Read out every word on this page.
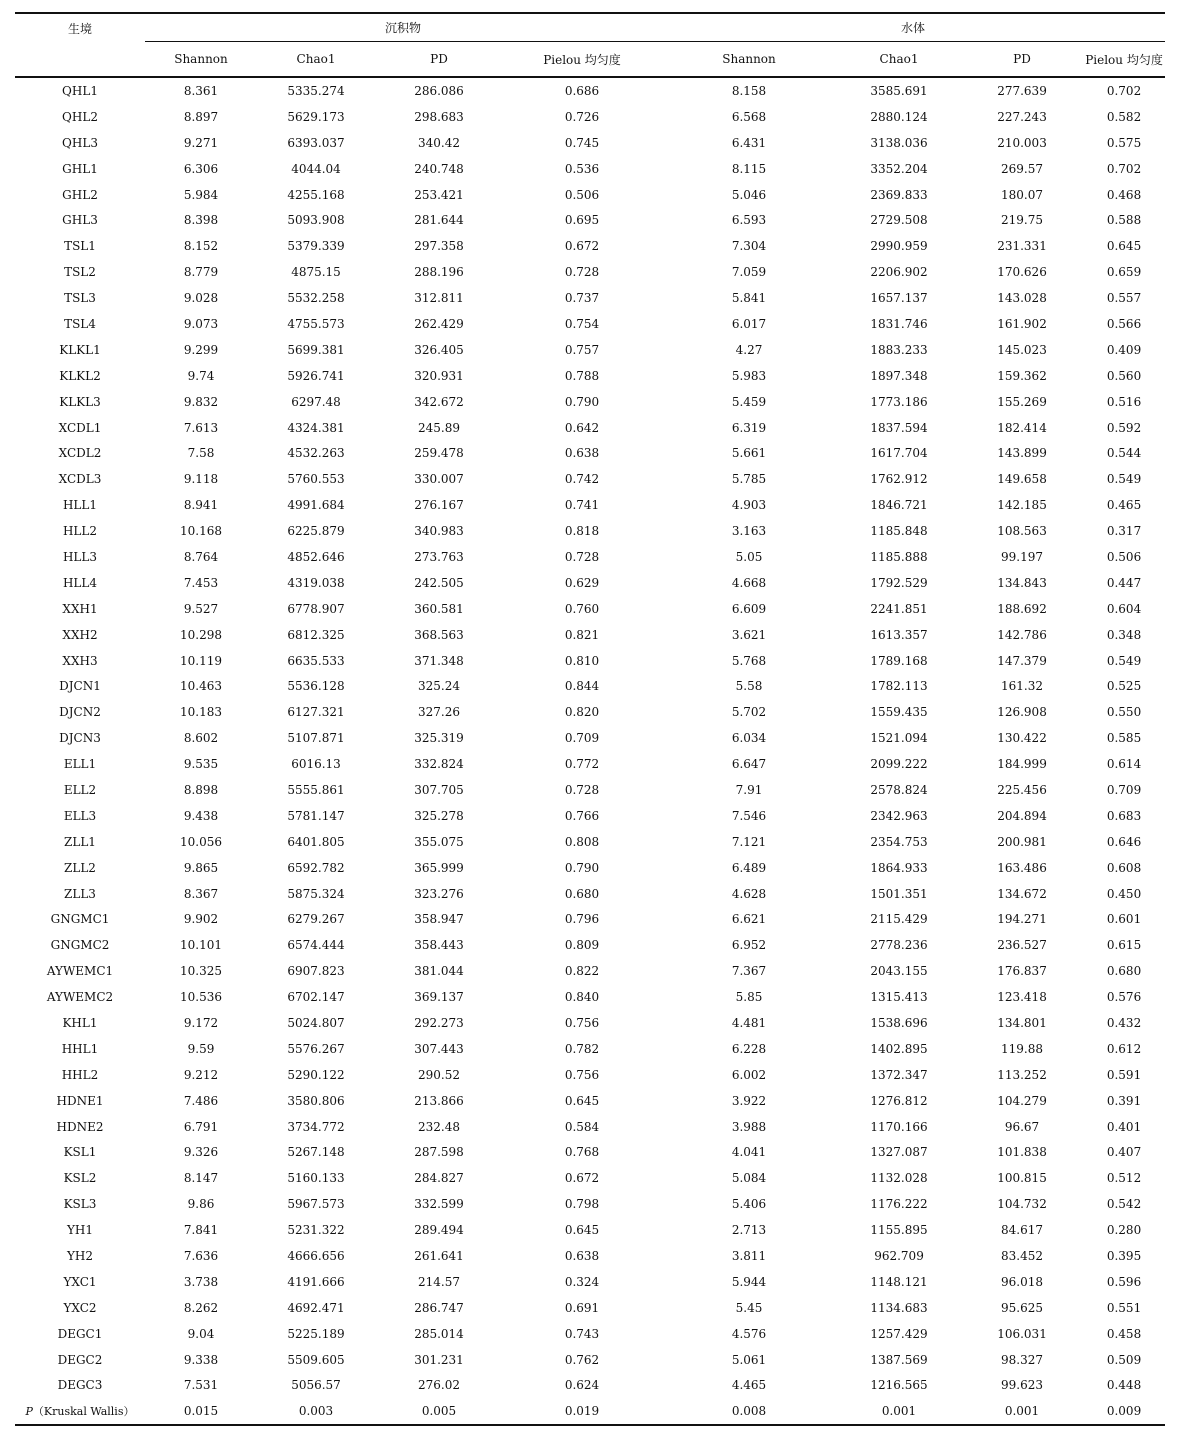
生境	沉积物				水体			
	Shannon	Chao1	PD	Pielou 均匀度	Shannon	Chao1	PD	Pielou 均匀度
QHL1	8.361	5335.274	286.086	0.686	8.158	3585.691	277.639	0.702
QHL2	8.897	5629.173	298.683	0.726	6.568	2880.124	227.243	0.582
QHL3	9.271	6393.037	340.42	0.745	6.431	3138.036	210.003	0.575
GHL1	6.306	4044.04	240.748	0.536	8.115	3352.204	269.57	0.702
GHL2	5.984	4255.168	253.421	0.506	5.046	2369.833	180.07	0.468
GHL3	8.398	5093.908	281.644	0.695	6.593	2729.508	219.75	0.588
TSL1	8.152	5379.339	297.358	0.672	7.304	2990.959	231.331	0.645
TSL2	8.779	4875.15	288.196	0.728	7.059	2206.902	170.626	0.659
TSL3	9.028	5532.258	312.811	0.737	5.841	1657.137	143.028	0.557
TSL4	9.073	4755.573	262.429	0.754	6.017	1831.746	161.902	0.566
KLKL1	9.299	5699.381	326.405	0.757	4.27	1883.233	145.023	0.409
KLKL2	9.74	5926.741	320.931	0.788	5.983	1897.348	159.362	0.560
KLKL3	9.832	6297.48	342.672	0.790	5.459	1773.186	155.269	0.516
XCDL1	7.613	4324.381	245.89	0.642	6.319	1837.594	182.414	0.592
XCDL2	7.58	4532.263	259.478	0.638	5.661	1617.704	143.899	0.544
XCDL3	9.118	5760.553	330.007	0.742	5.785	1762.912	149.658	0.549
HLL1	8.941	4991.684	276.167	0.741	4.903	1846.721	142.185	0.465
HLL2	10.168	6225.879	340.983	0.818	3.163	1185.848	108.563	0.317
HLL3	8.764	4852.646	273.763	0.728	5.05	1185.888	99.197	0.506
HLL4	7.453	4319.038	242.505	0.629	4.668	1792.529	134.843	0.447
XXH1	9.527	6778.907	360.581	0.760	6.609	2241.851	188.692	0.604
XXH2	10.298	6812.325	368.563	0.821	3.621	1613.357	142.786	0.348
XXH3	10.119	6635.533	371.348	0.810	5.768	1789.168	147.379	0.549
DJCN1	10.463	5536.128	325.24	0.844	5.58	1782.113	161.32	0.525
DJCN2	10.183	6127.321	327.26	0.820	5.702	1559.435	126.908	0.550
DJCN3	8.602	5107.871	325.319	0.709	6.034	1521.094	130.422	0.585
ELL1	9.535	6016.13	332.824	0.772	6.647	2099.222	184.999	0.614
ELL2	8.898	5555.861	307.705	0.728	7.91	2578.824	225.456	0.709
ELL3	9.438	5781.147	325.278	0.766	7.546	2342.963	204.894	0.683
ZLL1	10.056	6401.805	355.075	0.808	7.121	2354.753	200.981	0.646
ZLL2	9.865	6592.782	365.999	0.790	6.489	1864.933	163.486	0.608
ZLL3	8.367	5875.324	323.276	0.680	4.628	1501.351	134.672	0.450
GNGMC1	9.902	6279.267	358.947	0.796	6.621	2115.429	194.271	0.601
GNGMC2	10.101	6574.444	358.443	0.809	6.952	2778.236	236.527	0.615
AYWEMC1	10.325	6907.823	381.044	0.822	7.367	2043.155	176.837	0.680
AYWEMC2	10.536	6702.147	369.137	0.840	5.85	1315.413	123.418	0.576
KHL1	9.172	5024.807	292.273	0.756	4.481	1538.696	134.801	0.432
HHL1	9.59	5576.267	307.443	0.782	6.228	1402.895	119.88	0.612
HHL2	9.212	5290.122	290.52	0.756	6.002	1372.347	113.252	0.591
HDNE1	7.486	3580.806	213.866	0.645	3.922	1276.812	104.279	0.391
HDNE2	6.791	3734.772	232.48	0.584	3.988	1170.166	96.67	0.401
KSL1	9.326	5267.148	287.598	0.768	4.041	1327.087	101.838	0.407
KSL2	8.147	5160.133	284.827	0.672	5.084	1132.028	100.815	0.512
KSL3	9.86	5967.573	332.599	0.798	5.406	1176.222	104.732	0.542
YH1	7.841	5231.322	289.494	0.645	2.713	1155.895	84.617	0.280
YH2	7.636	4666.656	261.641	0.638	3.811	962.709	83.452	0.395
YXC1	3.738	4191.666	214.57	0.324	5.944	1148.121	96.018	0.596
YXC2	8.262	4692.471	286.747	0.691	5.45	1134.683	95.625	0.551
DEGC1	9.04	5225.189	285.014	0.743	4.576	1257.429	106.031	0.458
DEGC2	9.338	5509.605	301.231	0.762	5.061	1387.569	98.327	0.509
DEGC3	7.531	5056.57	276.02	0.624	4.465	1216.565	99.623	0.448
P（Kruskal Wallis）	0.015	0.003	0.005	0.019	0.008	0.001	0.001	0.009
